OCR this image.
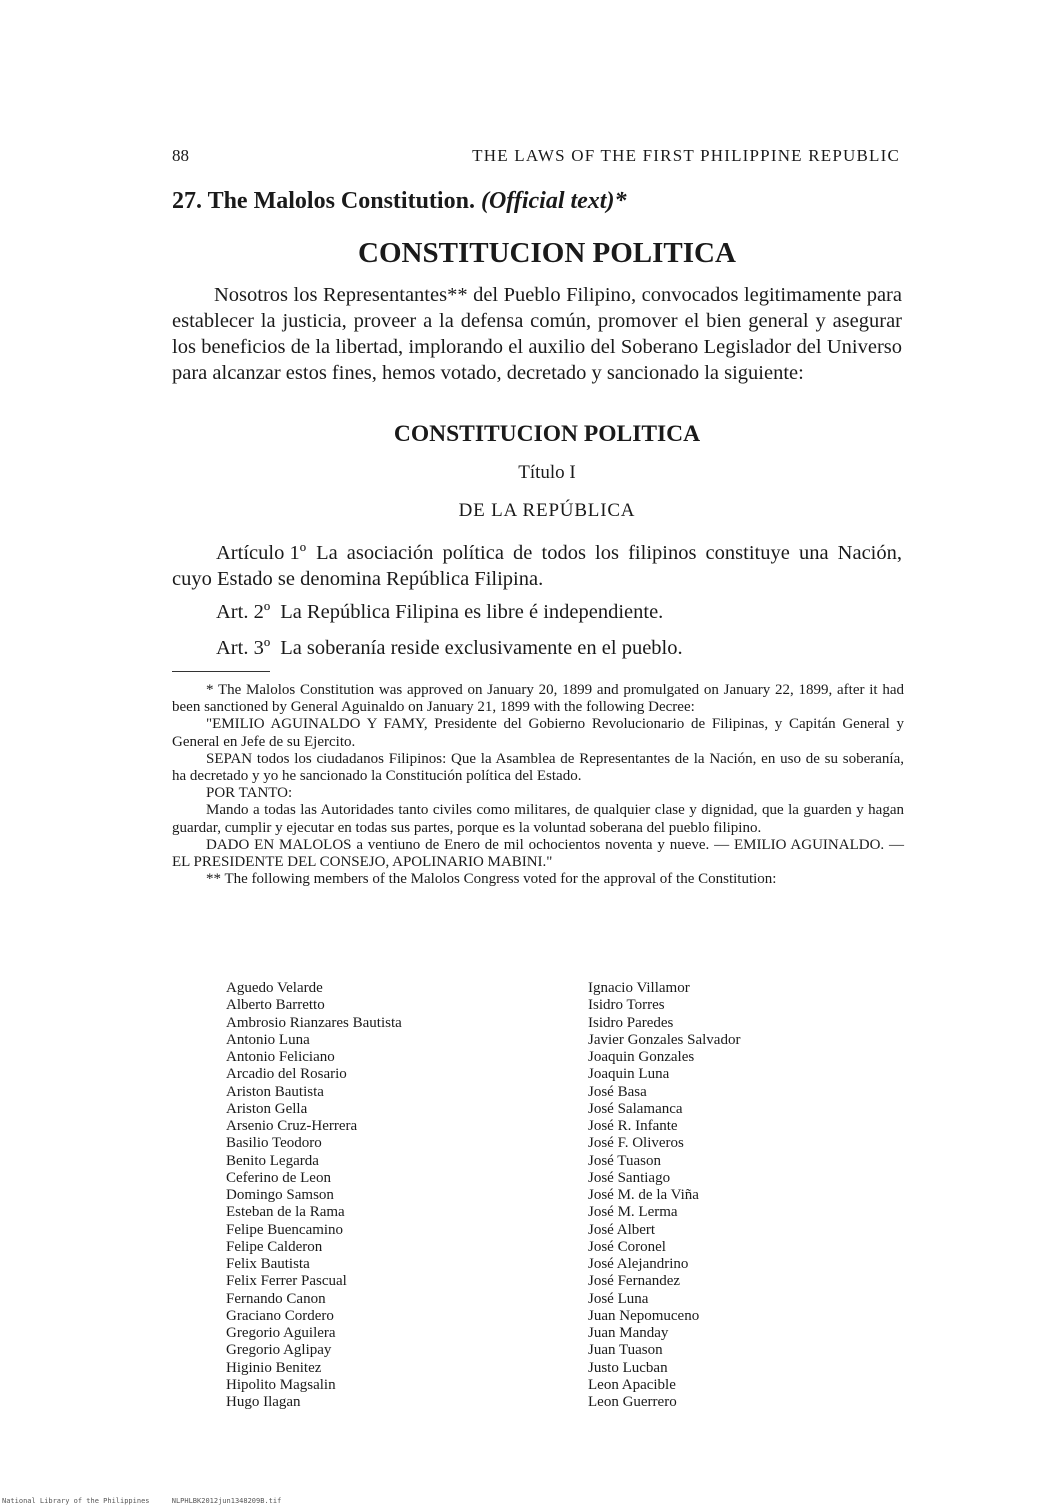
88	THE LAWS OF THE FIRST PHILIPPINE REPUBLIC
27. The Malolos Constitution. (Official text)*
CONSTITUCION POLITICA

Nosotros los Representantes** del Pueblo Filipino, convocados legitimamente para establecer la justicia, proveer a la defensa común, promover el bien general y asegurar los beneficios de la libertad, implorando el auxilio del Soberano Legislador del Universo para alcanzar estos fines, hemos votado, decretado y sancionado la siguiente:

CONSTITUCION POLITICA
Título I
DE LA REPÚBLICA

Artículo 1º La asociación política de todos los filipinos constituye una Nación, cuyo Estado se denomina República Filipina.

Art. 2º La República Filipina es libre é independiente.

Art. 3º La soberanía reside exclusivamente en el pueblo.

* The Malolos Constitution was approved on January 20, 1899 and promulgated on January 22, 1899, after it had been sanctioned by General Aguinaldo on January 21, 1899 with the following Decree:

"EMILIO AGUINALDO Y FAMY, Presidente del Gobierno Revolucionario de Filipinas, y Capitán General y General en Jefe de su Ejercito.

SEPAN todos los ciudadanos Filipinos: Que la Asamblea de Representantes de la Nación, en uso de su soberanía, ha decretado y yo he sancionado la Constitución política del Estado.

POR TANTO:

Mando a todas las Autoridades tanto civiles como militares, de qualquier clase y dignidad, que la guarden y hagan guardar, cumplir y ejecutar en todas sus partes, porque es la voluntad soberana del pueblo filipino.

DADO EN MALOLOS a ventiuno de Enero de mil ochocientos noventa y nueve. — EMILIO AGUINALDO. — EL PRESIDENTE DEL CONSEJO, APOLINARIO MABINI."

** The following members of the Malolos Congress voted for the approval of the Constitution:

Aguedo Velarde
Alberto Barretto
Ambrosio Rianzares Bautista
Antonio Luna
Antonio Feliciano
Arcadio del Rosario
Ariston Bautista
Ariston Gella
Arsenio Cruz-Herrera
Basilio Teodoro
Benito Legarda
Ceferino de Leon
Domingo Samson
Esteban de la Rama
Felipe Buencamino
Felipe Calderon
Felix Bautista
Felix Ferrer Pascual
Fernando Canon
Graciano Cordero
Gregorio Aguilera
Gregorio Aglipay
Higinio Benitez
Hipolito Magsalin
Hugo Ilagan
Ignacio Villamor
Isidro Torres
Isidro Paredes
Javier Gonzales Salvador
Joaquin Gonzales
Joaquin Luna
José Basa
José Salamanca
José R. Infante
José F. Oliveros
José Tuason
José Santiago
José M. de la Viña
José M. Lerma
José Albert
José Coronel
José Alejandrino
José Fernandez
José Luna
Juan Nepomuceno
Juan Manday
Juan Tuason
Justo Lucban
Leon Apacible
Leon Guerrero
National Library of the Philippines	NLPHLBK2012jun1348209B.tif
